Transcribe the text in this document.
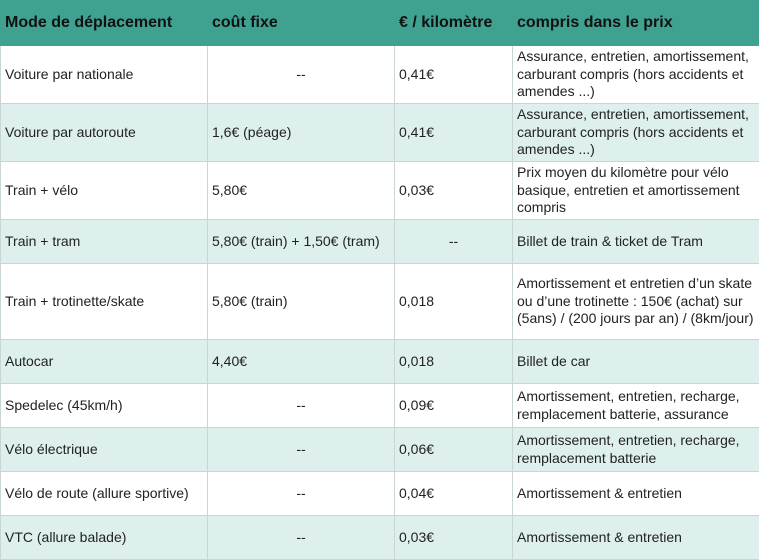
Mode de déplacement	coût fixe	€ / kilomètre	compris dans le prix
Voiture par nationale	--	0,41€	Assurance, entretien, amortissement, carburant compris (hors accidents et amendes ...)
Voiture par autoroute	1,6€ (péage)	0,41€	Assurance, entretien, amortissement, carburant compris (hors accidents et amendes ...)
Train + vélo	5,80€	0,03€	Prix moyen du kilomètre pour vélo basique, entretien et amortissement compris
Train + tram	5,80€ (train) + 1,50€ (tram)	--	Billet de train & ticket de Tram
Train + trotinette/skate	5,80€ (train)	0,018	Amortissement et entretien d’un skate ou d’une trotinette : 150€ (achat) sur (5ans) / (200 jours par an) / (8km/jour)
Autocar	4,40€	0,018	Billet de car
Spedelec (45km/h)	--	0,09€	Amortissement, entretien, recharge, remplacement batterie, assurance
Vélo électrique	--	0,06€	Amortissement, entretien, recharge, remplacement batterie
Vélo de route (allure sportive)	--	0,04€	Amortissement & entretien
VTC (allure balade)	--	0,03€	Amortissement & entretien
